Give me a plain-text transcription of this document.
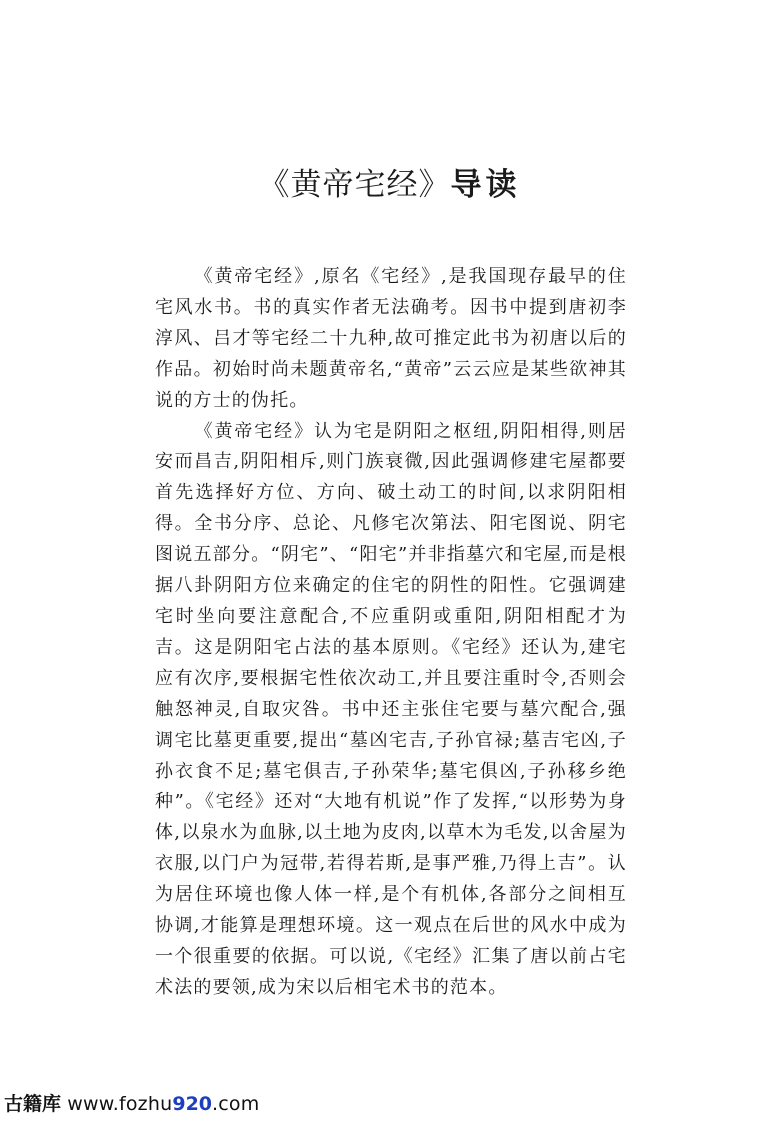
《黄帝宅经》导读

《黄帝宅经》,原名《宅经》,是我国现存最早的住宅风水书。书的真实作者无法确考。因书中提到唐初李淳风、吕才等宅经二十九种,故可推定此书为初唐以后的作品。初始时尚未题黄帝名,“黄帝”云云应是某些欲神其说的方士的伪托。

《黄帝宅经》认为宅是阴阳之枢纽,阴阳相得,则居安而昌吉,阴阳相斥,则门族衰微,因此强调修建宅屋都要首先选择好方位、方向、破土动工的时间,以求阴阳相得。全书分序、总论、凡修宅次第法、阳宅图说、阴宅图说五部分。“阴宅”、“阳宅”并非指墓穴和宅屋,而是根据八卦阴阳方位来确定的住宅的阴性的阳性。它强调建宅时坐向要注意配合,不应重阴或重阳,阴阳相配才为吉。这是阴阳宅占法的基本原则。《宅经》还认为,建宅应有次序,要根据宅性依次动工,并且要注重时令,否则会触怒神灵,自取灾咎。书中还主张住宅要与墓穴配合,强调宅比墓更重要,提出“墓凶宅吉,子孙官禄;墓吉宅凶,子孙衣食不足;墓宅俱吉,子孙荣华;墓宅俱凶,子孙移乡绝种”。《宅经》还对“大地有机说”作了发挥,“以形势为身体,以泉水为血脉,以土地为皮肉,以草木为毛发,以舍屋为衣服,以门户为冠带,若得若斯,是事严雅,乃得上吉”。认为居住环境也像人体一样,是个有机体,各部分之间相互协调,才能算是理想环境。这一观点在后世的风水中成为一个很重要的依据。可以说,《宅经》汇集了唐以前占宅术法的要领,成为宋以后相宅术书的范本。

古籍库 www.fozhu920.com
